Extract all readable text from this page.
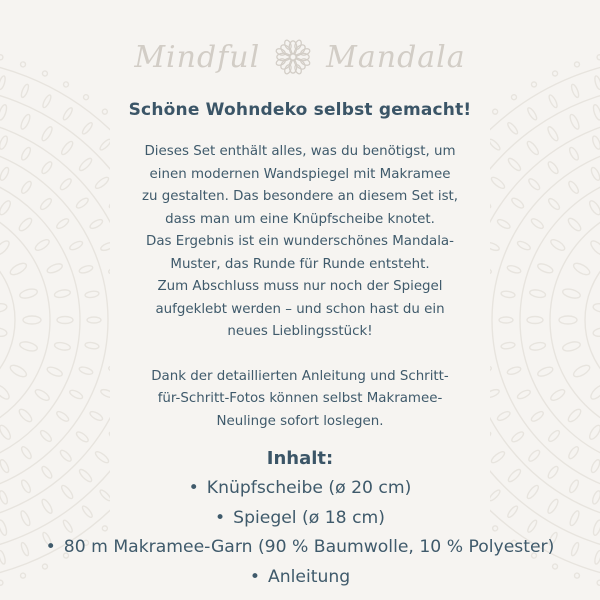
Mindful Mandala
Schöne Wohndeko selbst gemacht!

Dieses Set enthält alles, was du benötigst, um
einen modernen Wandspiegel mit Makramee
zu gestalten. Das besondere an diesem Set ist,
dass man um eine Knüpfscheibe knotet.
Das Ergebnis ist ein wunderschönes Mandala-
Muster, das Runde für Runde entsteht.
Zum Abschluss muss nur noch der Spiegel
aufgeklebt werden – und schon hast du ein
neues Lieblingsstück!

Dank der detaillierten Anleitung und Schritt-
für-Schritt-Fotos können selbst Makramee-
Neulinge sofort loslegen.

Inhalt:
• Knüpfscheibe (ø 20 cm)
• Spiegel (ø 18 cm)
• 80 m Makramee-Garn (90 % Baumwolle, 10 % Polyester)
• Anleitung
